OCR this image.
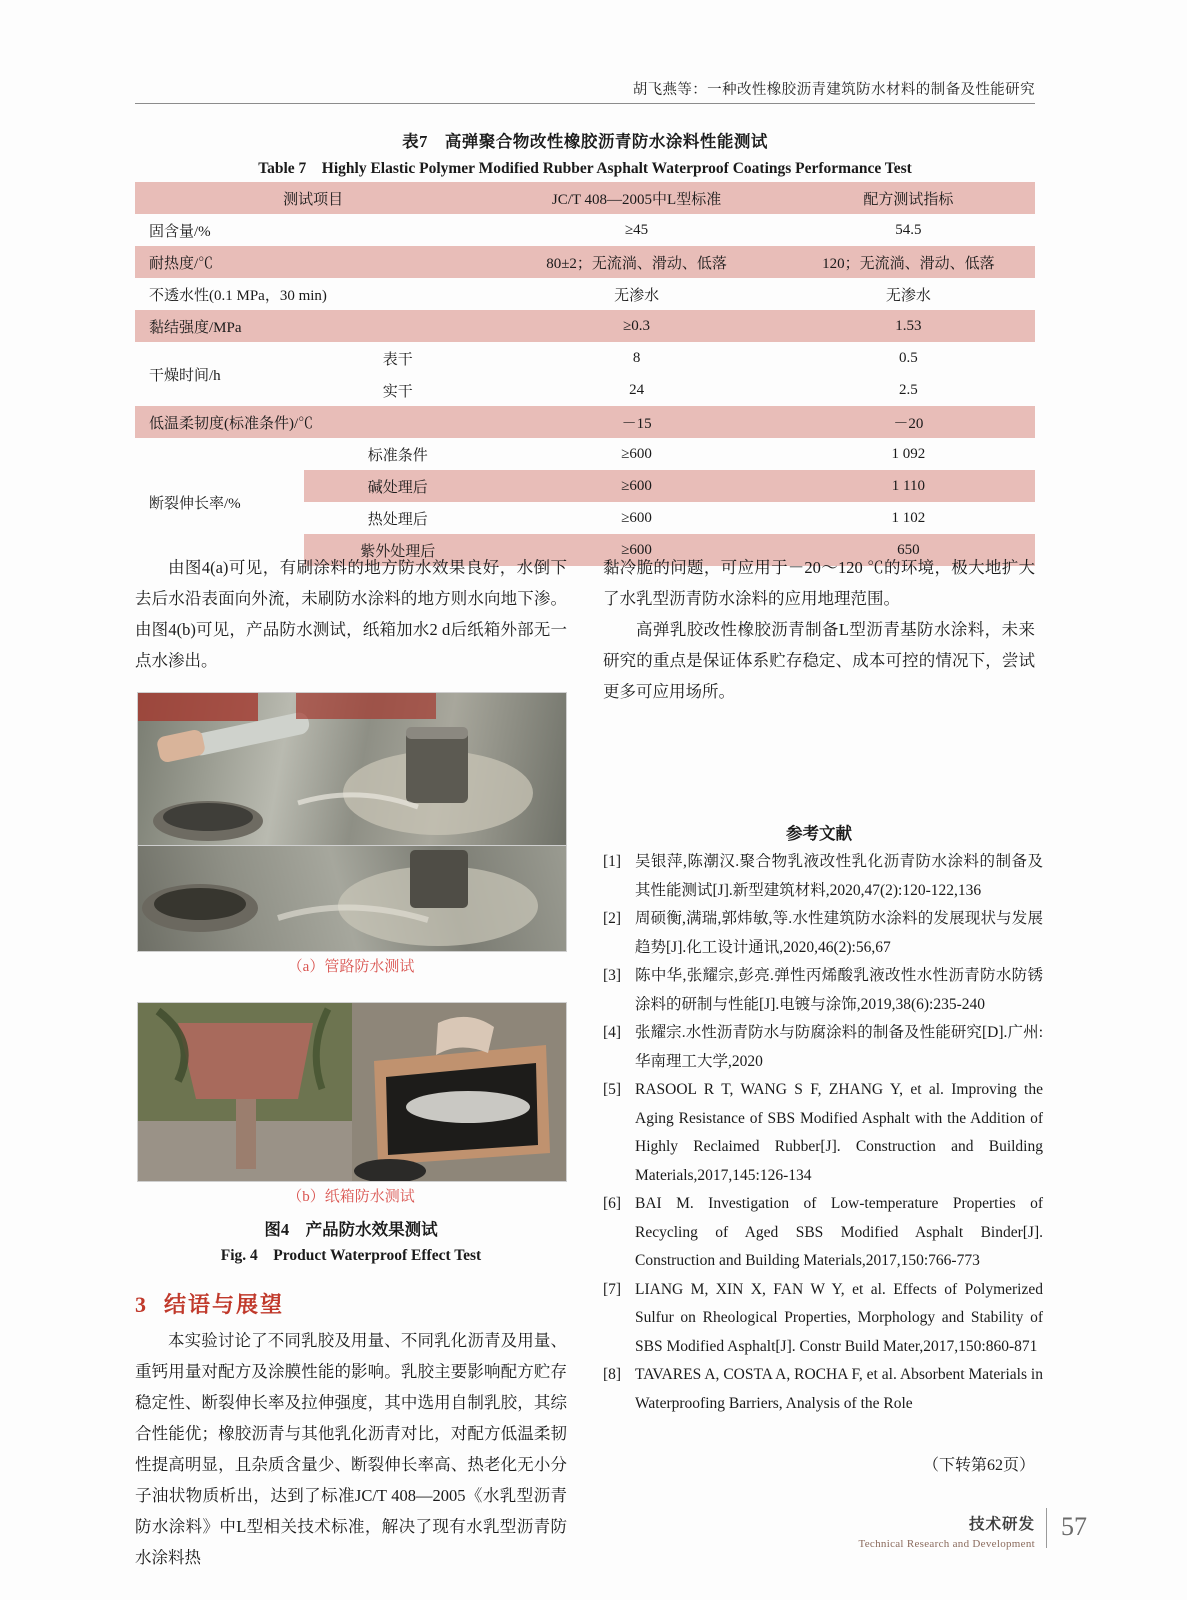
胡飞燕等：一种改性橡胶沥青建筑防水材料的制备及性能研究
表7　高弹聚合物改性橡胶沥青防水涂料性能测试
Table 7　Highly Elastic Polymer Modified Rubber Asphalt Waterproof Coatings Performance Test
测试项目		JC/T 408—2005中L型标准	配方测试指标
固含量/%		≥45	54.5
耐热度/℃		80±2；无流淌、滑动、低落	120；无流淌、滑动、低落
不透水性(0.1 MPa，30 min)		无渗水	无渗水
黏结强度/MPa		≥0.3	1.53
干燥时间/h	表干	8	0.5
	实干	24	2.5
低温柔韧度(标准条件)/℃		－15	－20
断裂伸长率/%	标准条件	≥600	1 092
	碱处理后	≥600	1 110
	热处理后	≥600	1 102
	紫外处理后	≥600	650

由图4(a)可见，有刷涂料的地方防水效果良好，水倒下去后水沿表面向外流，未刷防水涂料的地方则水向地下渗。由图4(b)可见，产品防水测试，纸箱加水2 d后纸箱外部无一点水渗出。

（a）管路防水测试
（b）纸箱防水测试
图4　产品防水效果测试
Fig. 4　Product Waterproof Effect Test
3 结语与展望

本实验讨论了不同乳胶及用量、不同乳化沥青及用量、重钙用量对配方及涂膜性能的影响。乳胶主要影响配方贮存稳定性、断裂伸长率及拉伸强度，其中选用自制乳胶，其综合性能优；橡胶沥青与其他乳化沥青对比，对配方低温柔韧性提高明显，且杂质含量少、断裂伸长率高、热老化无小分子油状物质析出，达到了标准JC/T 408—2005《水乳型沥青防水涂料》中L型相关技术标准，解决了现有水乳型沥青防水涂料热

黏冷脆的问题，可应用于－20～120 ℃的环境，极大地扩大了水乳型沥青防水涂料的应用地理范围。

高弹乳胶改性橡胶沥青制备L型沥青基防水涂料，未来研究的重点是保证体系贮存稳定、成本可控的情况下，尝试更多可应用场所。

参考文献
[1] 吴银萍,陈潮汉.聚合物乳液改性乳化沥青防水涂料的制备及其性能测试[J].新型建筑材料,2020,47(2):120-122,136
[2] 周硕衡,满瑞,郭炜敏,等.水性建筑防水涂料的发展现状与发展趋势[J].化工设计通讯,2020,46(2):56,67
[3] 陈中华,张耀宗,彭亮.弹性丙烯酸乳液改性水性沥青防水防锈涂料的研制与性能[J].电镀与涂饰,2019,38(6):235-240
[4] 张耀宗.水性沥青防水与防腐涂料的制备及性能研究[D].广州:华南理工大学,2020
[5] RASOOL R T, WANG S F, ZHANG Y, et al. Improving the Aging Resistance of SBS Modified Asphalt with the Addition of Highly Reclaimed Rubber[J]. Construction and Building Materials,2017,145:126-134
[6] BAI M. Investigation of Low-temperature Properties of Recycling of Aged SBS Modified Asphalt Binder[J]. Construction and Building Materials,2017,150:766-773
[7] LIANG M, XIN X, FAN W Y, et al. Effects of Polymerized Sulfur on Rheological Properties, Morphology and Stability of SBS Modified Asphalt[J]. Constr Build Mater,2017,150:860-871
[8] TAVARES A, COSTA A, ROCHA F, et al. Absorbent Materials in Waterproofing Barriers, Analysis of the Role
（下转第62页）
技术研发
Technical Research and Development
57
